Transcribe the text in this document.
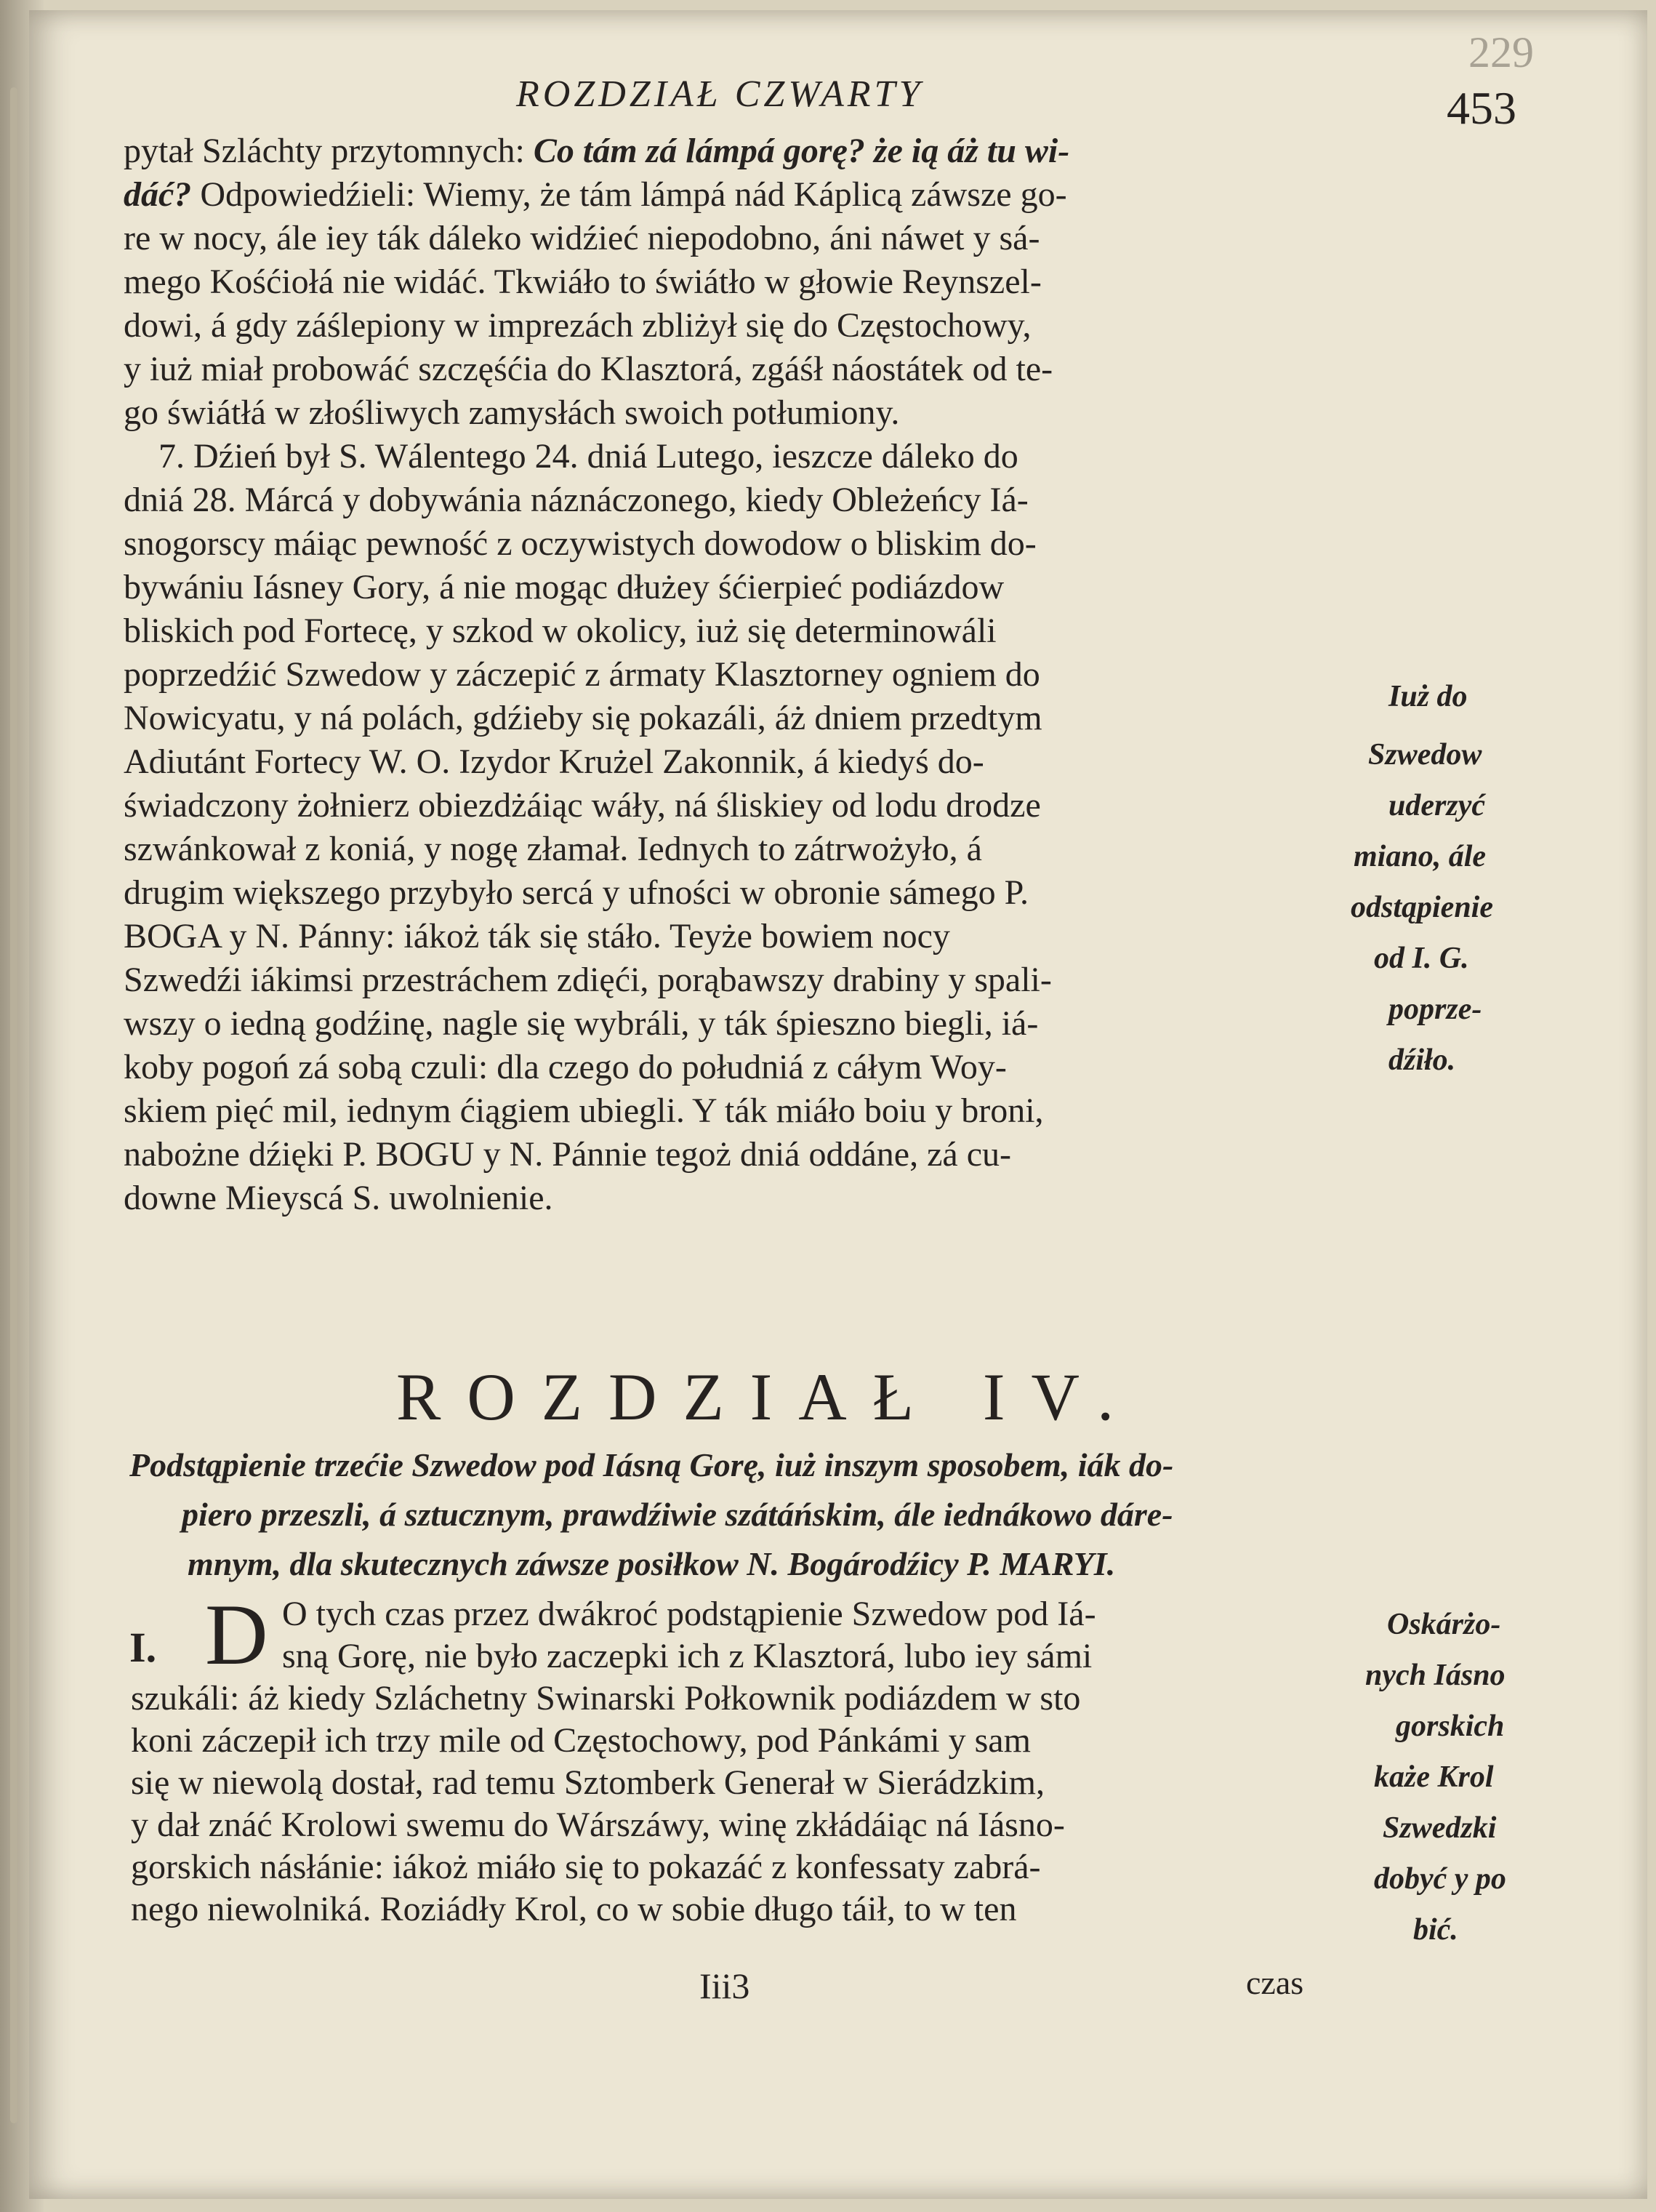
229
ROZDZIAŁ CZWARTY	453
pytał Szláchty przytomnych: Co tám zá lámpá gorę? że ią áż tu wi-
dáć? Odpowiedźieli: Wiemy, że tám lámpá nád Káplicą záwsze go-
re w nocy, ále iey ták dáleko widźieć niepodobno, áni náwet y sá-
mego Kośćiołá nie widáć. Tkwiáło to świátło w głowie Reynszel-
dowi, á gdy záślepiony w imprezách zbliżył się do Częstochowy,
y iuż miał probowáć szczęśćia do Klasztorá, zgáśł náostátek od te-
go świátłá w złośliwych zamysłách swoich potłumiony.
7. Dźień był S. Wálentego 24. dniá Lutego, ieszcze dáleko do
dniá 28. Márcá y dobywánia náznáczonego, kiedy Obleżeńcy Iá-
snogorscy máiąc pewność z oczywistych dowodow o bliskim do-
bywániu Iásney Gory, á nie mogąc dłużey śćierpieć podiázdow
bliskich pod Fortecę, y szkod w okolicy, iuż się determinowáli
poprzedźić Szwedow y záczepić z ármaty Klasztorney ogniem do
Nowicyatu, y ná polách, gdźieby się pokazáli, áż dniem przedtym
Adiutánt Fortecy W. O. Izydor Krużel Zakonnik, á kiedyś do-
świadczony żołnierz obiezdżáiąc wáły, ná śliskiey od lodu drodze
szwánkował z koniá, y nogę złamał. Iednych to zátrwożyło, á
drugim większego przybyło sercá y ufności w obronie sámego P.
BOGA y N. Pánny: iákoż ták się stáło. Teyże bowiem nocy
Szwedźi iákimsi przestráchem zdięći, porąbawszy drabiny y spali-
wszy o iedną godźinę, nagle się wybráli, y ták śpieszno biegli, iá-
koby pogoń zá sobą czuli: dla czego do południá z cáłym Woy-
skiem pięć mil, iednym ćiągiem ubiegli. Y ták miáło boiu y broni,
nabożne dźięki P. BOGU y N. Pánnie tegoż dniá oddáne, zá cu-
downe Mieyscá S. uwolnienie.
Iuż do
Szwedow
uderzyć
miano, ále
odstąpienie
od I. G.
poprze-
dźiło.
ROZDZIAŁ IV.
Podstąpienie trzećie Szwedow pod Iásną Gorę, iuż inszym sposobem, iák do-
piero przeszli, á sztucznym, prawdźiwie szátáńskim, ále iednákowo dáre-
mnym, dla skutecznych záwsze posiłkow N. Bogárodźicy P. MARYI.
I. D O tych czas przez dwákroć podstąpienie Szwedow pod Iá-
sną Gorę, nie było zaczepki ich z Klasztorá, lubo iey sámi
szukáli: áż kiedy Szláchetny Swinarski Połkownik podiázdem w sto
koni záczepił ich trzy mile od Częstochowy, pod Pánkámi y sam
się w niewolą dostał, rad temu Sztomberk Generał w Sierádzkim,
y dał znáć Krolowi swemu do Wárszáwy, winę zkłádáiąc ná Iásno-
gorskich násłánie: iákoż miáło się to pokazáć z konfessaty zabrá-
nego niewolniká. Roziádły Krol, co w sobie długo táił, to w ten
Oskárżo-
nych Iásno
gorskich
każe Krol
Szwedzki
dobyć y po
bić.
Iii3	czas
